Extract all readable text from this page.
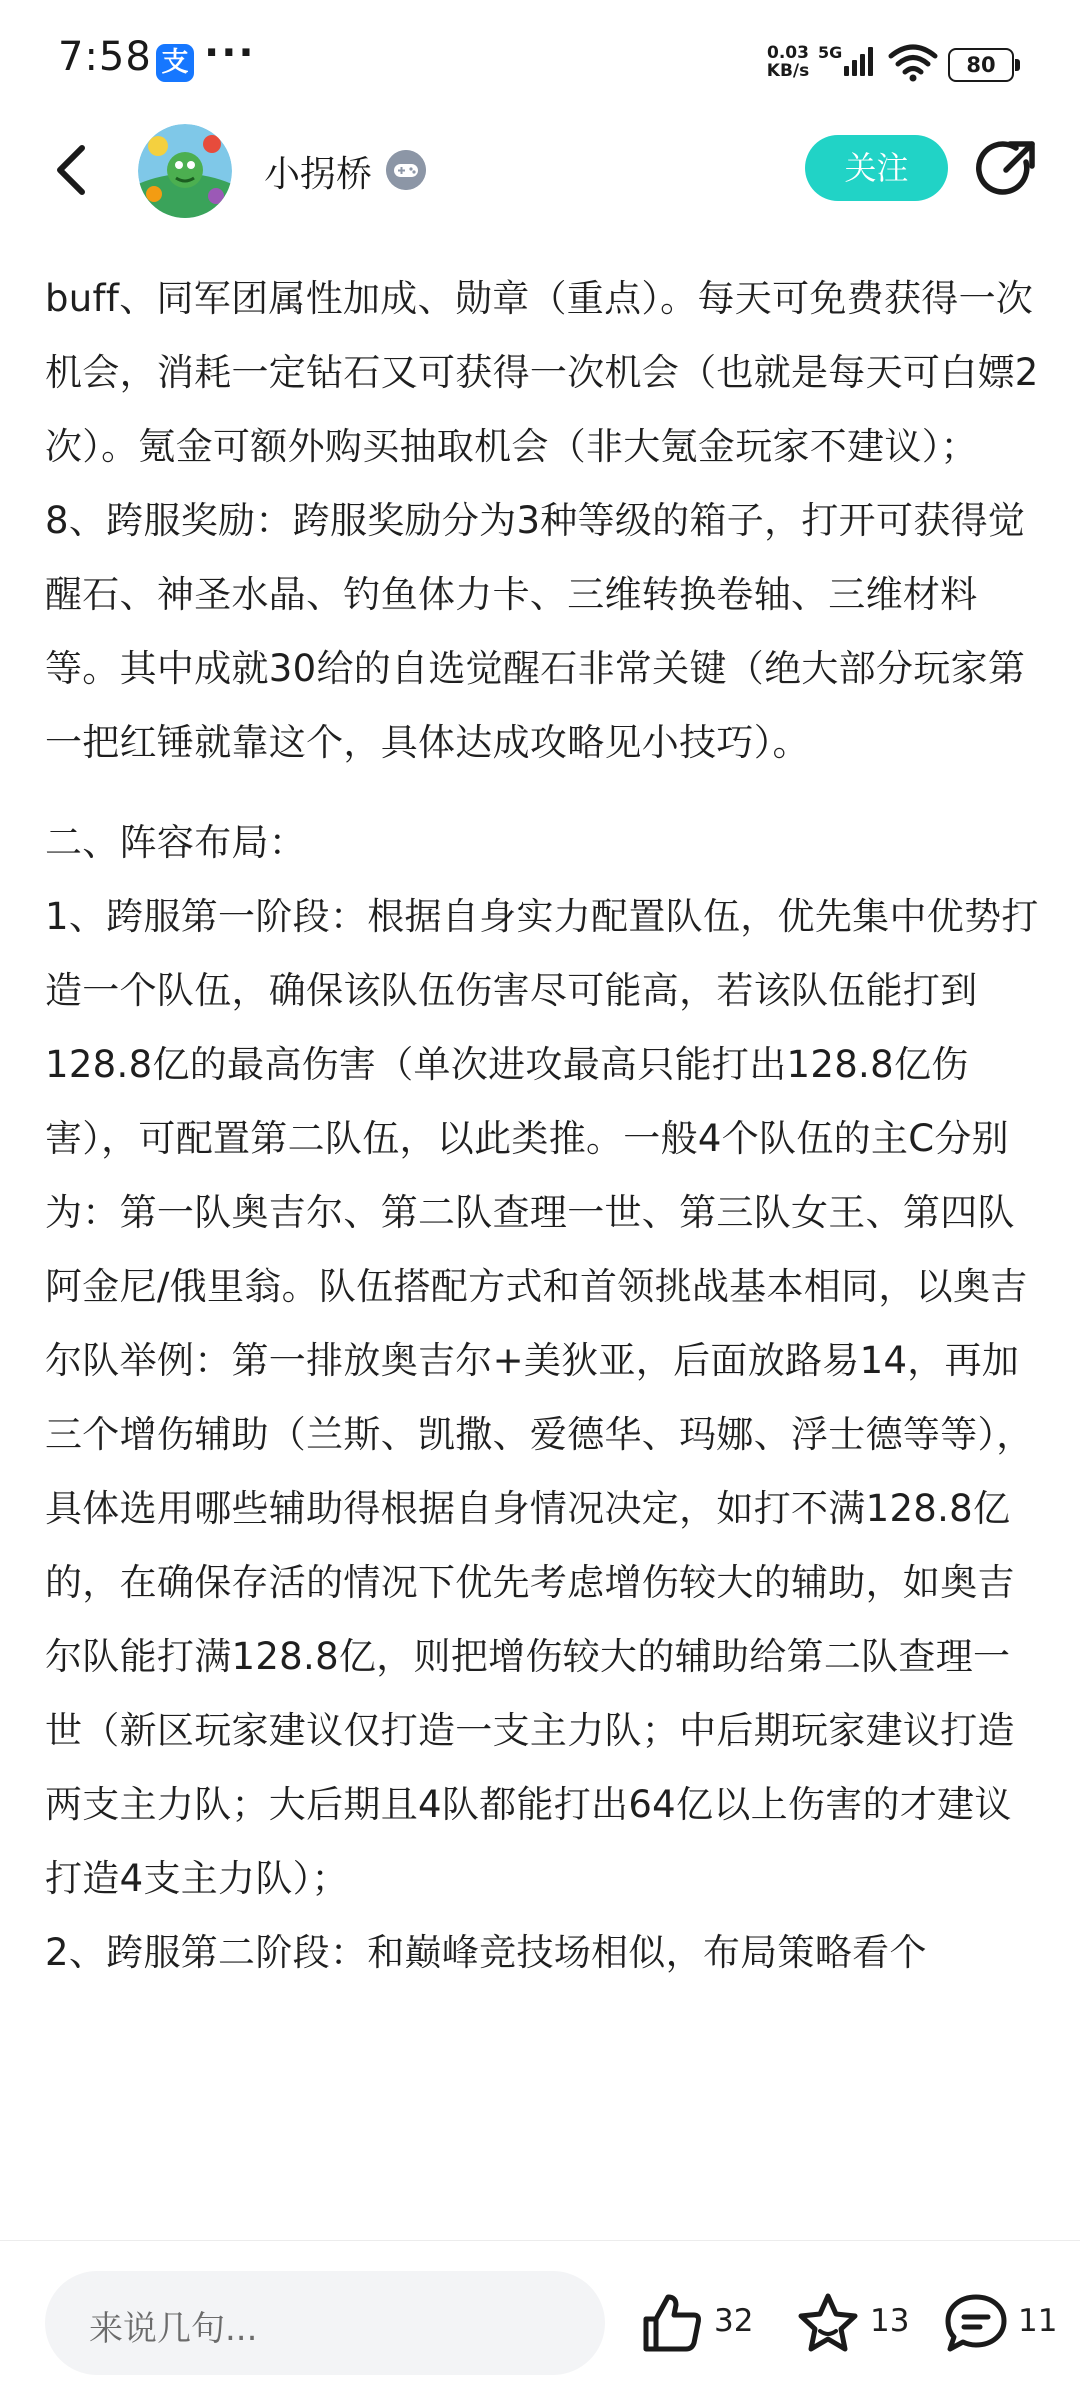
7:58 支 ···	0.03
KB/s
5G
80
小拐桥	关注

buff、同军团属性加成、勋章（重点）。每天可免费获得一次机会，消耗一定钻石又可获得一次机会（也就是每天可白嫖2次）。氪金可额外购买抽取机会（非大氪金玩家不建议）；

8、跨服奖励：跨服奖励分为3种等级的箱子，打开可获得觉醒石、神圣水晶、钓鱼体力卡、三维转换卷轴、三维材料等。其中成就30给的自选觉醒石非常关键（绝大部分玩家第一把红锤就靠这个，具体达成攻略见小技巧）。

二、阵容布局：

1、跨服第一阶段：根据自身实力配置队伍，优先集中优势打造一个队伍，确保该队伍伤害尽可能高，若该队伍能打到128.8亿的最高伤害（单次进攻最高只能打出128.8亿伤害），可配置第二队伍，以此类推。一般4个队伍的主C分别为：第一队奥吉尔、第二队查理一世、第三队女王、第四队阿金尼/俄里翁。队伍搭配方式和首领挑战基本相同，以奥吉尔队举例：第一排放奥吉尔+美狄亚，后面放路易14，再加三个增伤辅助（兰斯、凯撒、爱德华、玛娜、浮士德等等），具体选用哪些辅助得根据自身情况决定，如打不满128.8亿的，在确保存活的情况下优先考虑增伤较大的辅助，如奥吉尔队能打满128.8亿，则把增伤较大的辅助给第二队查理一世（新区玩家建议仅打造一支主力队；中后期玩家建议打造两支主力队；大后期且4队都能打出64亿以上伤害的才建议打造4支主力队）；

2、跨服第二阶段：和巅峰竞技场相似，布局策略看个

来说几句...	32	13	11
